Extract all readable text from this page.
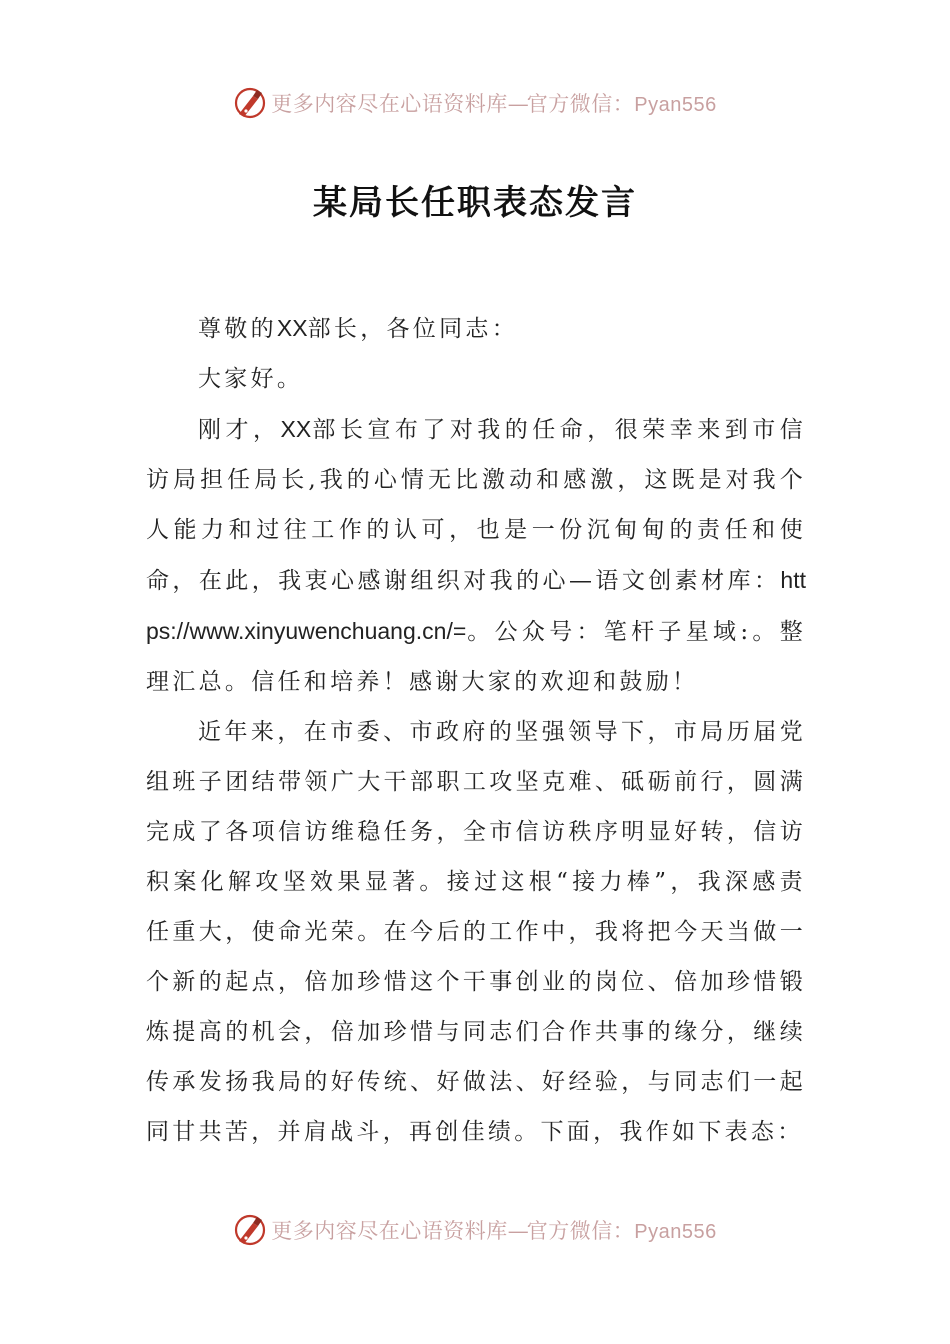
更多内容尽在心语资料库—官方微信：Pyan556
某局长任职表态发言

尊敬的XX部长，各位同志：

大家好。

刚才，XX部长宣布了对我的任命，很荣幸来到市信访局担任局长,我的心情无比激动和感激，这既是对我个人能力和过往工作的认可，也是一份沉甸甸的责任和使命，在此，我衷心感谢组织对我的心—语文创素材库：https://www.xinyuwenchuang.cn/=。公众号：笔杆子星域:。整理汇总。信任和培养！感谢大家的欢迎和鼓励！

近年来，在市委、市政府的坚强领导下，市局历届党组班子团结带领广大干部职工攻坚克难、砥砺前行，圆满完成了各项信访维稳任务，全市信访秩序明显好转，信访积案化解攻坚效果显著。接过这根“接力棒”，我深感责任重大，使命光荣。在今后的工作中，我将把今天当做一个新的起点，倍加珍惜这个干事创业的岗位、倍加珍惜锻炼提高的机会，倍加珍惜与同志们合作共事的缘分，继续传承发扬我局的好传统、好做法、好经验，与同志们一起同甘共苦，并肩战斗，再创佳绩。下面，我作如下表态：

更多内容尽在心语资料库—官方微信：Pyan556
